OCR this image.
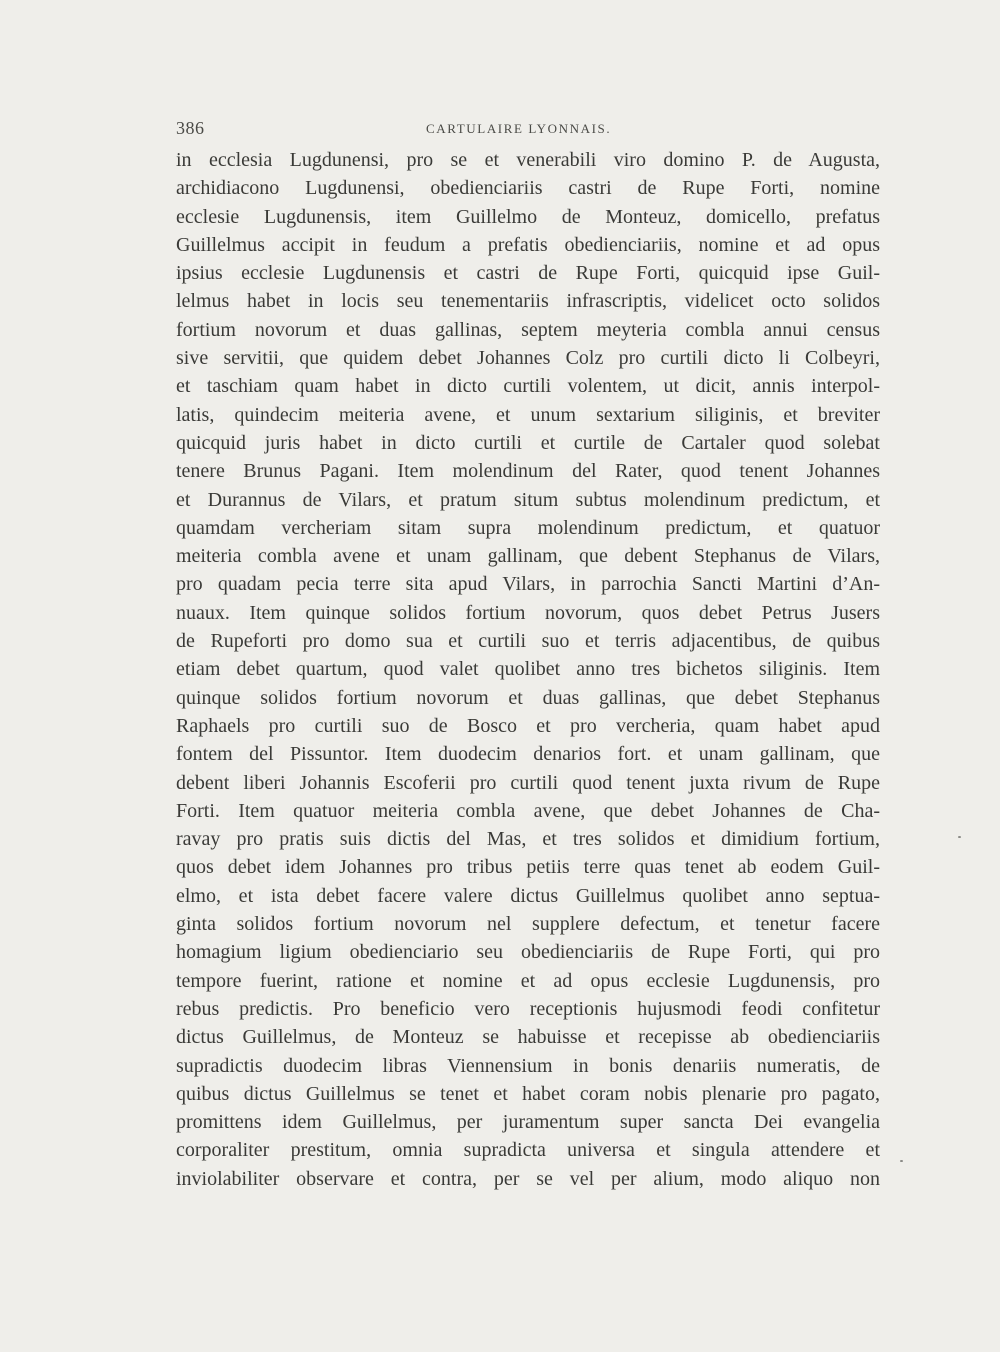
386	CARTULAIRE LYONNAIS.
in ecclesia Lugdunensi, pro se et venerabili viro domino P. de Augusta,
archidiacono Lugdunensi, obedienciariis castri de Rupe Forti, nomine
ecclesie Lugdunensis, item Guillelmo de Monteuz, domicello, prefatus
Guillelmus accipit in feudum a prefatis obedienciariis, nomine et ad opus
ipsius ecclesie Lugdunensis et castri de Rupe Forti, quicquid ipse Guil-
lelmus habet in locis seu tenementariis infrascriptis, videlicet octo solidos
fortium novorum et duas gallinas, septem meyteria combla annui census
sive servitii, que quidem debet Johannes Colz pro curtili dicto li Colbeyri,
et taschiam quam habet in dicto curtili volentem, ut dicit, annis interpol-
latis, quindecim meiteria avene, et unum sextarium siliginis, et breviter
quicquid juris habet in dicto curtili et curtile de Cartaler quod solebat
tenere Brunus Pagani. Item molendinum del Rater, quod tenent Johannes
et Durannus de Vilars, et pratum situm subtus molendinum predictum, et
quamdam vercheriam sitam supra molendinum predictum, et quatuor
meiteria combla avene et unam gallinam, que debent Stephanus de Vilars,
pro quadam pecia terre sita apud Vilars, in parrochia Sancti Martini d’An-
nuaux. Item quinque solidos fortium novorum, quos debet Petrus Jusers
de Rupeforti pro domo sua et curtili suo et terris adjacentibus, de quibus
etiam debet quartum, quod valet quolibet anno tres bichetos siliginis. Item
quinque solidos fortium novorum et duas gallinas, que debet Stephanus
Raphaels pro curtili suo de Bosco et pro vercheria, quam habet apud
fontem del Pissuntor. Item duodecim denarios fort. et unam gallinam, que
debent liberi Johannis Escoferii pro curtili quod tenent juxta rivum de Rupe
Forti. Item quatuor meiteria combla avene, que debet Johannes de Cha-
ravay pro pratis suis dictis del Mas, et tres solidos et dimidium fortium,
quos debet idem Johannes pro tribus petiis terre quas tenet ab eodem Guil-
elmo, et ista debet facere valere dictus Guillelmus quolibet anno septua-
ginta solidos fortium novorum nel supplere defectum, et tenetur facere
homagium ligium obedienciario seu obedienciariis de Rupe Forti, qui pro
tempore fuerint, ratione et nomine et ad opus ecclesie Lugdunensis, pro
rebus predictis. Pro beneficio vero receptionis hujusmodi feodi confitetur
dictus Guillelmus, de Monteuz se habuisse et recepisse ab obedienciariis
supradictis duodecim libras Viennensium in bonis denariis numeratis, de
quibus dictus Guillelmus se tenet et habet coram nobis plenarie pro pagato,
promittens idem Guillelmus, per juramentum super sancta Dei evangelia
corporaliter prestitum, omnia supradicta universa et singula attendere et
inviolabiliter observare et contra, per se vel per alium, modo aliquo non
